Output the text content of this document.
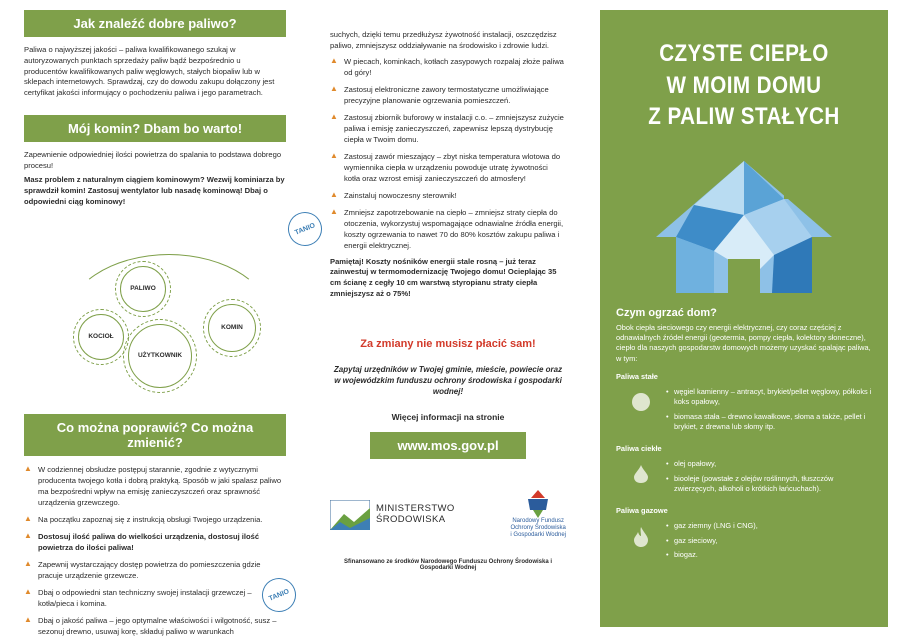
Jak znaleźć dobre paliwo?

Paliwa o najwyższej jakości – paliwa kwalifikowanego szukaj w autoryzowanych punktach sprzedaży paliw bądź bezpośrednio u producentów kwalifikowanych paliw węglowych, stałych biopaliw lub w sklepach internetowych. Sprawdzaj, czy do dowodu zakupu dołączony jest certyfikat jakości informujący o pochodzeniu paliwa i jego parametrach.

Mój komin? Dbam bo warto!

Zapewnienie odpowiedniej ilości powietrza do spalania to podstawa dobrego procesu!

Masz problem z naturalnym ciągiem kominowym? Wezwij kominiarza by sprawdził komin! Zastosuj wentylator lub nasadę kominową! Dbaj o odpowiedni ciąg kominowy!

PALIWO
KOCIOŁ
UŻYTKOWNIK
KOMIN
TANIO
Co można poprawić? Co można zmienić?
▲ W codziennej obsłudze postępuj starannie, zgodnie z wytycznymi producenta twojego kotła i dobrą praktyką. Sposób w jaki spalasz paliwo ma bezpośredni wpływ na emisję zanieczyszczeń oraz sprawność urządzenia grzewczego.
▲ Na początku zapoznaj się z instrukcją obsługi Twojego urządzenia.
▲ Dostosuj ilość paliwa do wielkości urządzenia, dostosuj ilość powietrza do ilości paliwa!
▲ Zapewnij wystarczający dostęp powietrza do pomieszczenia gdzie pracuje urządzenie grzewcze.
▲ Dbaj o odpowiedni stan techniczny swojej instalacji grzewczej – kotła/pieca i komina.
▲ Dbaj o jakość paliwa – jego optymalne właściwości i wilgotność, susz – sezonuj drewno, usuwaj korę, składuj paliwo w warunkach
TANIO

suchych, dzięki temu przedłużysz żywotność instalacji, oszczędzisz paliwo, zmniejszysz oddziaływanie na środowisko i zdrowie ludzi.

▲ W piecach, kominkach, kotłach zasypowych rozpalaj złoże paliwa od góry!
▲ Zastosuj elektroniczne zawory termostatyczne umożliwiające precyzyjne planowanie ogrzewania pomieszczeń.
▲ Zastosuj zbiornik buforowy w instalacji c.o. – zmniejszysz zużycie paliwa i emisję zanieczyszczeń, zapewnisz lepszą dystrybucję ciepła w Twoim domu.
▲ Zastosuj zawór mieszający – zbyt niska temperatura wlotowa do wymiennika ciepła w urządzeniu powoduje utratę żywotności kotła oraz wzrost emisji zanieczyszczeń do atmosfery!
▲ Zainstaluj nowoczesny sterownik!
▲ Zmniejsz zapotrzebowanie na ciepło – zmniejsz straty ciepła do otoczenia, wykorzystuj wspomagające odnawialne źródła energii, koszty ogrzewania to nawet 70 do 80% kosztów zakupu paliwa i energii elektrycznej.

Pamiętaj! Koszty nośników energii stale rosną – już teraz zainwestuj w termomodernizację Twojego domu! Ocieplając 35 cm ścianę z cegły 10 cm warstwą styropianu straty ciepła zmniejszysz aż o 75%!

Za zmiany nie musisz płacić sam!
Zapytaj urzędników w Twojej gminie, mieście, powiecie oraz w wojewódzkim funduszu ochrony środowiska i gospodarki wodnej!
Więcej informacji na stronie
www.mos.gov.pl
MINISTERSTWO
ŚRODOWISKA	Narodowy Fundusz
Ochrony Środowiska
i Gospodarki Wodnej
Sfinansowano ze środków Narodowego Funduszu Ochrony Środowiska i Gospodarki Wodnej
CZYSTE CIEPŁO
W MOIM DOMU
Z PALIW STAŁYCH
Czym ogrzać dom?

Obok ciepła sieciowego czy energii elektrycznej, czy coraz częściej z odnawialnych źródeł energii (geotermia, pompy ciepła, kolektory słoneczne), ciepło dla naszych gospodarstw domowych możemy uzyskać spalając paliwa, w tym:

Paliwa stałe
• węgiel kamienny – antracyt, brykiet/pellet węglowy, półkoks i koks opałowy,
• biomasa stała – drewno kawałkowe, słoma a także, pellet i brykiet, z drewna lub słomy itp.
Paliwa ciekłe
• olej opałowy,
• biooleje (powstałe z olejów roślinnych, tłuszczów zwierzęcych, alkoholi o krótkich łańcuchach).
Paliwa gazowe
• gaz ziemny (LNG i CNG),
• gaz sieciowy,
• biogaz.
